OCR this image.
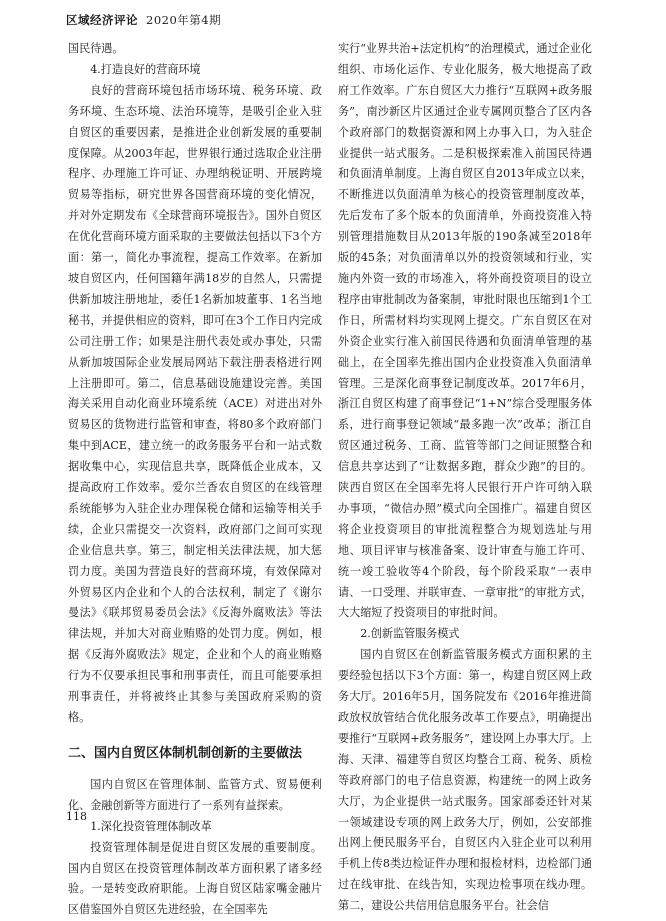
区域经济评论 2020年第4期

国民待遇。

4.打造良好的营商环境

良好的营商环境包括市场环境、税务环境、政务环境、生态环境、法治环境等，是吸引企业入驻自贸区的重要因素，是推进企业创新发展的重要制度保障。从2003年起，世界银行通过选取企业注册程序、办理施工许可证、办理纳税证明、开展跨境贸易等指标，研究世界各国营商环境的变化情况，并对外定期发布《全球营商环境报告》。国外自贸区在优化营商环境方面采取的主要做法包括以下3个方面：第一，简化办事流程，提高工作效率。在新加坡自贸区内，任何国籍年满18岁的自然人，只需提供新加坡注册地址，委任1名新加坡董事、1名当地秘书，并提供相应的资料，即可在3个工作日内完成公司注册工作；如果是注册代表处或办事处，只需从新加坡国际企业发展局网站下载注册表格进行网上注册即可。第二，信息基础设施建设完善。美国海关采用自动化商业环境系统（ACE）对进出对外贸易区的货物进行监管和审查，将80多个政府部门集中到ACE，建立统一的政务服务平台和一站式数据收集中心，实现信息共享，既降低企业成本，又提高政府工作效率。爱尔兰香农自贸区的在线管理系统能够为入驻企业办理保税仓储和运输等相关手续，企业只需提交一次资料，政府部门之间可实现企业信息共享。第三，制定相关法律法规，加大惩罚力度。美国为营造良好的营商环境，有效保障对外贸易区内企业和个人的合法权利，制定了《谢尔曼法》《联邦贸易委员会法》《反海外腐败法》等法律法规，并加大对商业贿赂的处罚力度。例如，根据《反海外腐败法》规定，企业和个人的商业贿赂行为不仅要承担民事和刑事责任，而且可能要承担刑事责任，并将被终止其参与美国政府采购的资格。

二、国内自贸区体制机制创新的主要做法

国内自贸区在管理体制、监管方式、贸易便利化、金融创新等方面进行了一系列有益探索。

1.深化投资管理体制改革

投资管理体制是促进自贸区发展的重要制度。国内自贸区在投资管理体制改革方面积累了诸多经验。一是转变政府职能。上海自贸区陆家嘴金融片区借鉴国外自贸区先进经验，在全国率先

实行“业界共治+法定机构”的治理模式，通过企业化组织、市场化运作、专业化服务，极大地提高了政府工作效率。广东自贸区大力推行“互联网+政务服务”，南沙新区片区通过企业专属网页整合了区内各个政府部门的数据资源和网上办事入口，为入驻企业提供一站式服务。二是积极探索准入前国民待遇和负面清单制度。上海自贸区自2013年成立以来，不断推进以负面清单为核心的投资管理制度改革，先后发布了多个版本的负面清单，外商投资准入特别管理措施数目从2013年版的190条减至2018年版的45条；对负面清单以外的投资领域和行业，实施内外资一致的市场准入，将外商投资项目的设立程序由审批制改为备案制，审批时限也压缩到1个工作日，所需材料均实现网上提交。广东自贸区在对外资企业实行准入前国民待遇和负面清单管理的基础上，在全国率先推出国内企业投资准入负面清单管理。三是深化商事登记制度改革。2017年6月，浙江自贸区构建了商事登记“1+N”综合受理服务体系，进行商事登记领域“最多跑一次”改革；浙江自贸区通过税务、工商、监管等部门之间证照整合和信息共享达到了“让数据多跑，群众少跑”的目的。陕西自贸区在全国率先将人民银行开户许可纳入联办事项，“微信办照”模式向全国推广。福建自贸区将企业投资项目的审批流程整合为规划选址与用地、项目评审与核准备案、设计审查与施工许可、统一竣工验收等4个阶段，每个阶段采取“一表申请、一口受理、并联审查、一章审批”的审批方式，大大缩短了投资项目的审批时间。

2.创新监管服务模式

国内自贸区在创新监管服务模式方面积累的主要经验包括以下3个方面：第一，构建自贸区网上政务大厅。2016年5月，国务院发布《2016年推进简政放权放管结合优化服务改革工作要点》，明确提出要推行“互联网+政务服务”，建设网上办事大厅。上海、天津、福建等自贸区均整合工商、税务、质检等政府部门的电子信息资源，构建统一的网上政务大厅，为企业提供一站式服务。国家部委还针对某一领域建设专项的网上政务大厅，例如，公安部推出网上便民服务平台，自贸区内入驻企业可以利用手机上传8类边检证件办理和报检材料，边检部门通过在线审批、在线告知，实现边检事项在线办理。第二，建设公共信用信息服务平台。社会信

118
